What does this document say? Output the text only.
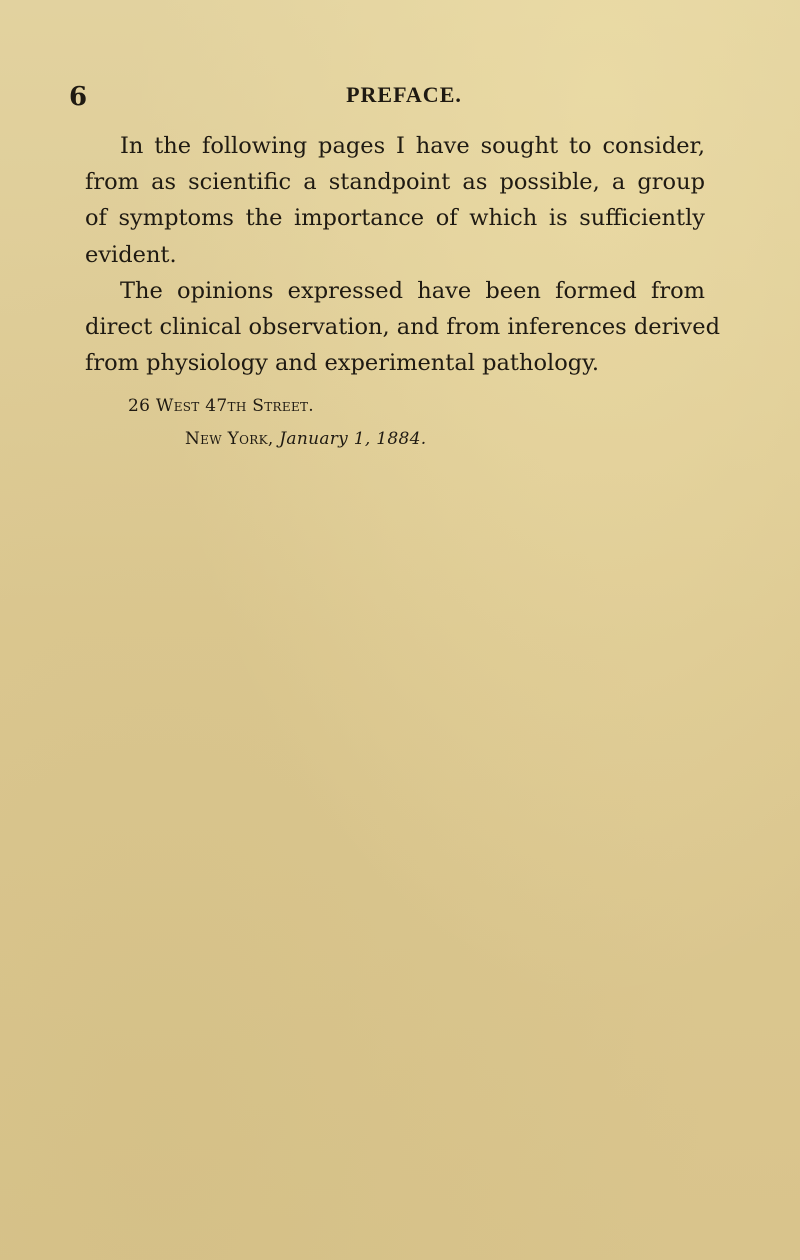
6	PREFACE.
In the following pages I have sought to consider,
from as scientific a standpoint as possible, a group
of symptoms the importance of which is sufficiently
evident.
The opinions expressed have been formed from
direct clinical observation, and from inferences derived
from physiology and experimental pathology.
26 West 47th Street.
New York, January 1, 1884.
